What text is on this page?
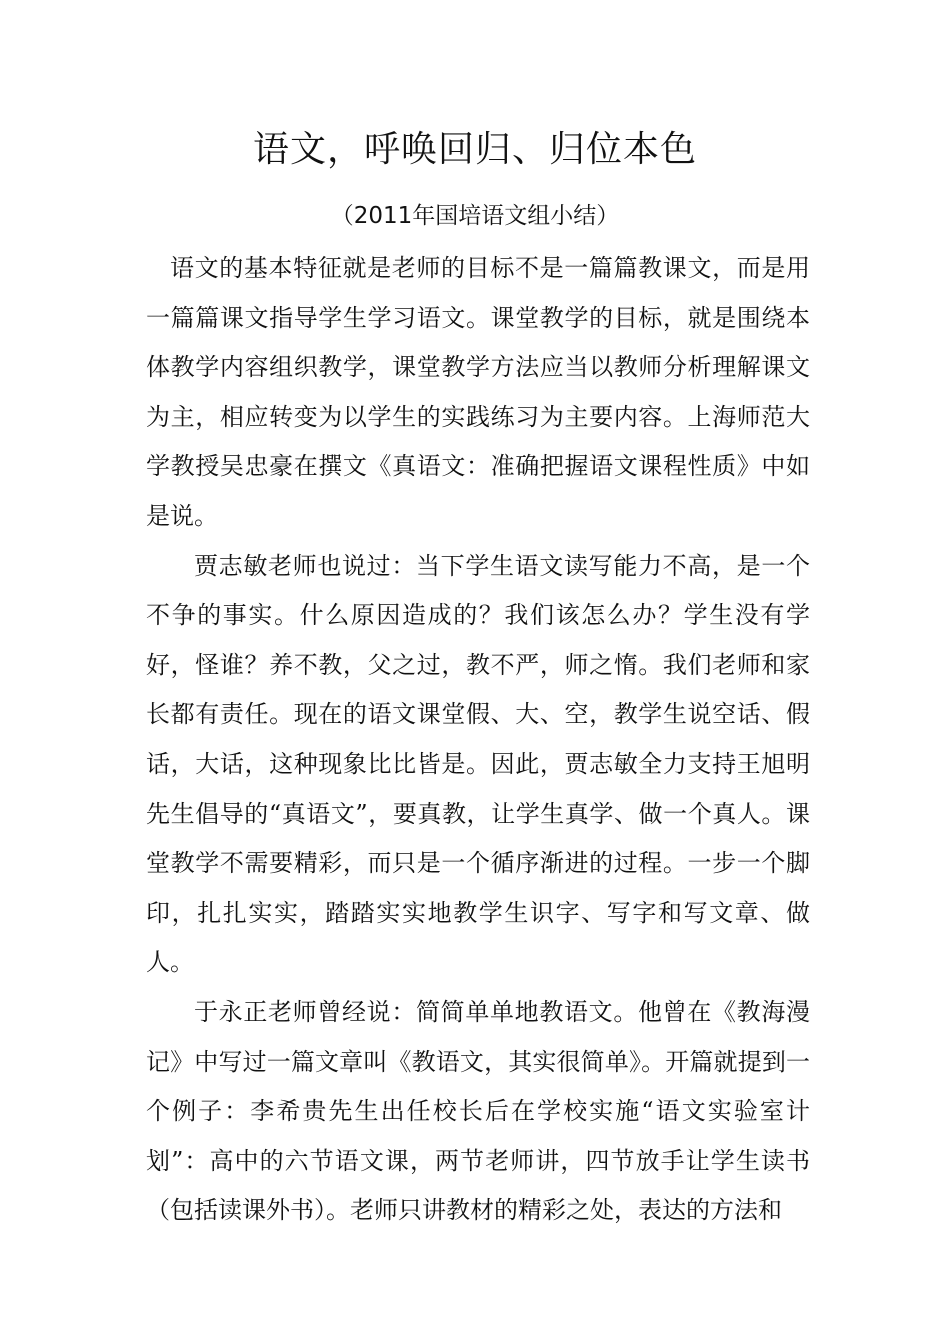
语文，呼唤回归、归位本色
（2011年国培语文组小结）

语文的基本特征就是老师的目标不是一篇篇教课文，而是用一篇篇课文指导学生学习语文。课堂教学的目标，就是围绕本体教学内容组织教学，课堂教学方法应当以教师分析理解课文为主，相应转变为以学生的实践练习为主要内容。上海师范大学教授吴忠豪在撰文《真语文：准确把握语文课程性质》中如是说。

贾志敏老师也说过：当下学生语文读写能力不高，是一个不争的事实。什么原因造成的？我们该怎么办？学生没有学好，怪谁？养不教，父之过，教不严，师之惰。我们老师和家长都有责任。现在的语文课堂假、大、空，教学生说空话、假话，大话，这种现象比比皆是。因此，贾志敏全力支持王旭明先生倡导的“真语文”，要真教，让学生真学、做一个真人。课堂教学不需要精彩，而只是一个循序渐进的过程。一步一个脚印，扎扎实实，踏踏实实地教学生识字、写字和写文章、做人。

于永正老师曾经说：简简单单地教语文。他曾在《教海漫记》中写过一篇文章叫《教语文，其实很简单》。开篇就提到一个例子：李希贵先生出任校长后在学校实施“语文实验室计划”：高中的六节语文课，两节老师讲，四节放手让学生读书（包括读课外书）。老师只讲教材的精彩之处，表达的方法和
